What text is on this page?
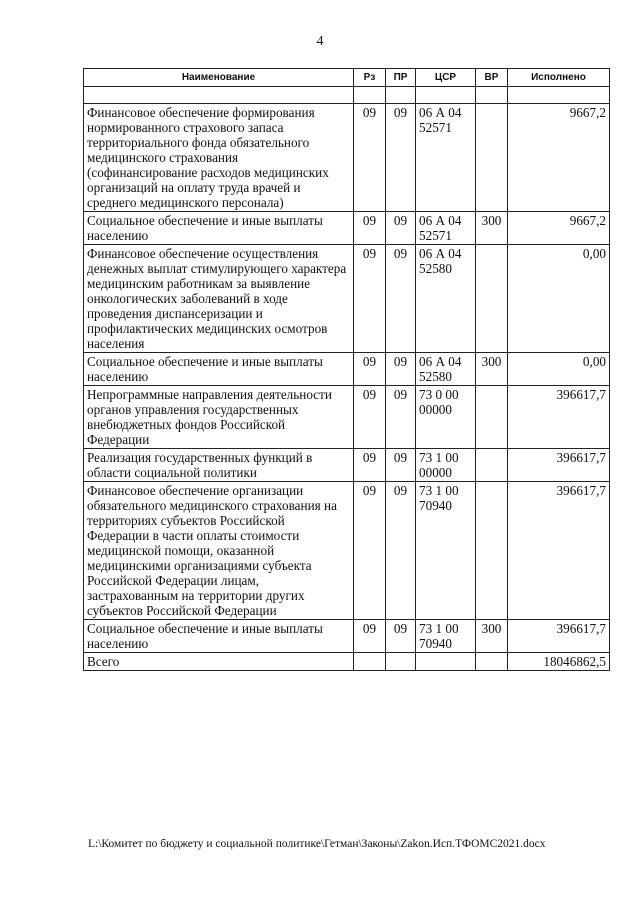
4
Наименование	Рз	ПР	ЦСР	ВР	Исполнено

Финансовое обеспечение формирования нормированного страхового запаса территориального фонда обязательного медицинского страхования (софинансирование расходов медицинских организаций на оплату труда врачей и среднего медицинского персонала)	09	09	06 А 04 52571		9667,2
Социальное обеспечение и иные выплаты населению	09	09	06 А 04 52571	300	9667,2
Финансовое обеспечение осуществления денежных выплат стимулирующего характера медицинским работникам за выявление онкологических заболеваний в ходе проведения диспансеризации и профилактических медицинских осмотров населения	09	09	06 А 04 52580		0,00
Социальное обеспечение и иные выплаты населению	09	09	06 А 04 52580	300	0,00
Непрограммные направления деятельности органов управления государственных внебюджетных фондов Российской Федерации	09	09	73 0 00 00000		396617,7
Реализация государственных функций в области социальной политики	09	09	73 1 00 00000		396617,7
Финансовое обеспечение организации обязательного медицинского страхования на территориях субъектов Российской Федерации в части оплаты стоимости медицинской помощи, оказанной медицинскими организациями субъекта Российской Федерации лицам, застрахованным на территории других субъектов Российской Федерации	09	09	73 1 00 70940		396617,7
Социальное обеспечение и иные выплаты населению	09	09	73 1 00 70940	300	396617,7
Всего					18046862,5
L:\Комитет по бюджету и социальной политике\Гетман\Законы\Zakon.Исп.ТФОМС2021.docx
